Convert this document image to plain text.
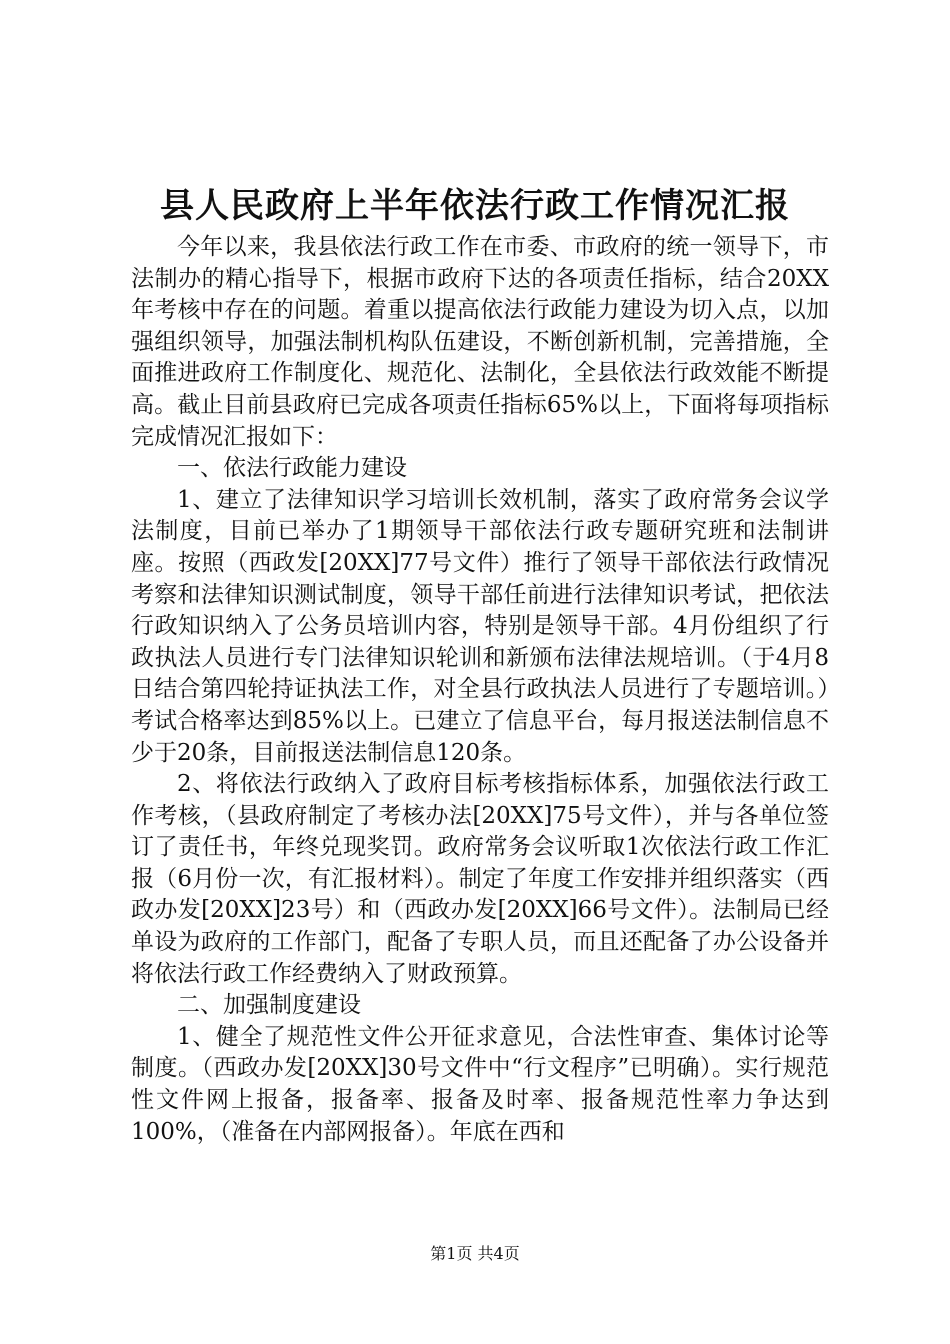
县人民政府上半年依法行政工作情况汇报

今年以来，我县依法行政工作在市委、市政府的统一领导下，市法制办的精心指导下，根据市政府下达的各项责任指标，结合20XX年考核中存在的问题。着重以提高依法行政能力建设为切入点，以加强组织领导，加强法制机构队伍建设，不断创新机制，完善措施，全面推进政府工作制度化、规范化、法制化，全县依法行政效能不断提高。截止目前县政府已完成各项责任指标65%以上，下面将每项指标完成情况汇报如下：

一、依法行政能力建设

1、建立了法律知识学习培训长效机制，落实了政府常务会议学法制度，目前已举办了1期领导干部依法行政专题研究班和法制讲座。按照（西政发[20XX]77号文件）推行了领导干部依法行政情况考察和法律知识测试制度，领导干部任前进行法律知识考试，把依法行政知识纳入了公务员培训内容，特别是领导干部。4月份组织了行政执法人员进行专门法律知识轮训和新颁布法律法规培训。（于4月8日结合第四轮持证执法工作，对全县行政执法人员进行了专题培训。）考试合格率达到85%以上。已建立了信息平台，每月报送法制信息不少于20条，目前报送法制信息120条。

2、将依法行政纳入了政府目标考核指标体系，加强依法行政工作考核，（县政府制定了考核办法[20XX]75号文件），并与各单位签订了责任书，年终兑现奖罚。政府常务会议听取1次依法行政工作汇报（6月份一次，有汇报材料）。制定了年度工作安排并组织落实（西政办发[20XX]23号）和（西政办发[20XX]66号文件）。法制局已经单设为政府的工作部门，配备了专职人员，而且还配备了办公设备并将依法行政工作经费纳入了财政预算。

二、加强制度建设

1、健全了规范性文件公开征求意见，合法性审查、集体讨论等制度。（西政办发[20XX]30号文件中“行文程序”已明确）。实行规范性文件网上报备，报备率、报备及时率、报备规范性率力争达到100%，（准备在内部网报备）。年底在西和

第1页 共4页
